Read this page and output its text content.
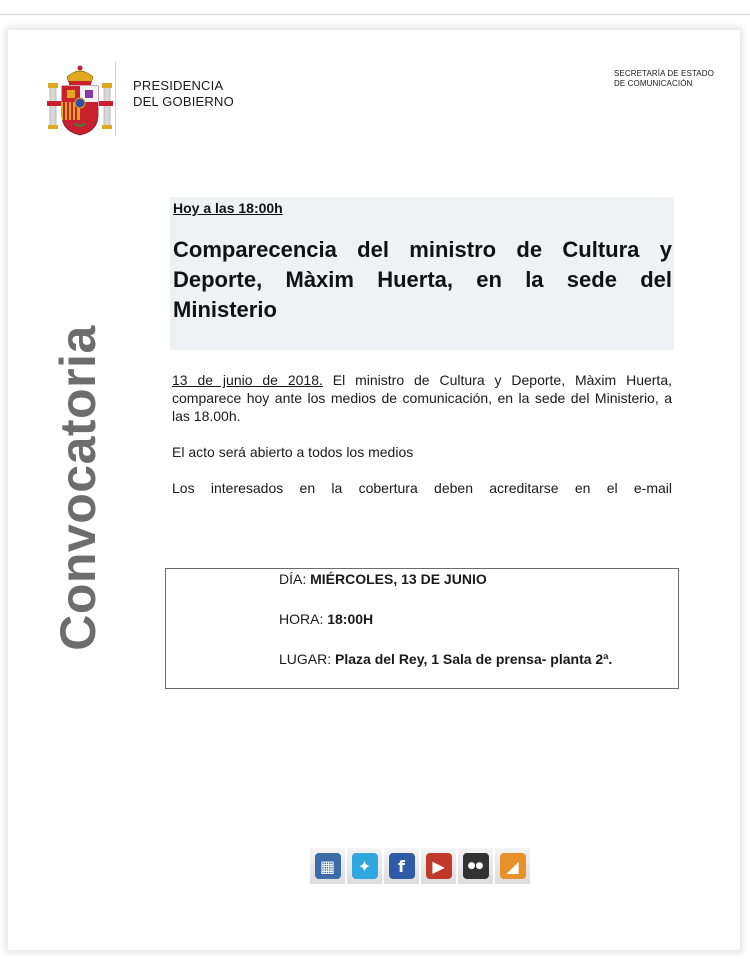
PRESIDENCIA
DEL GOBIERNO
SECRETARÍA DE ESTADO
DE COMUNICACIÓN
Convocatoria
Hoy a las 18:00h

Comparecencia del ministro de Cultura y Deporte, Màxim Huerta, en la sede del Ministerio

13 de junio de 2018. El ministro de Cultura y Deporte, Màxim Huerta, comparece hoy ante los medios de comunicación, en la sede del Ministerio, a las 18.00h.

El acto será abierto a todos los medios

Los interesados en la cobertura deben acreditarse en el e-mail

DÍA: MIÉRCOLES, 13 DE JUNIO
HORA: 18:00H
LUGAR: Plaza del Rey, 1 Sala de prensa- planta 2ª.
▦	✦	f	▶	●●	◢
